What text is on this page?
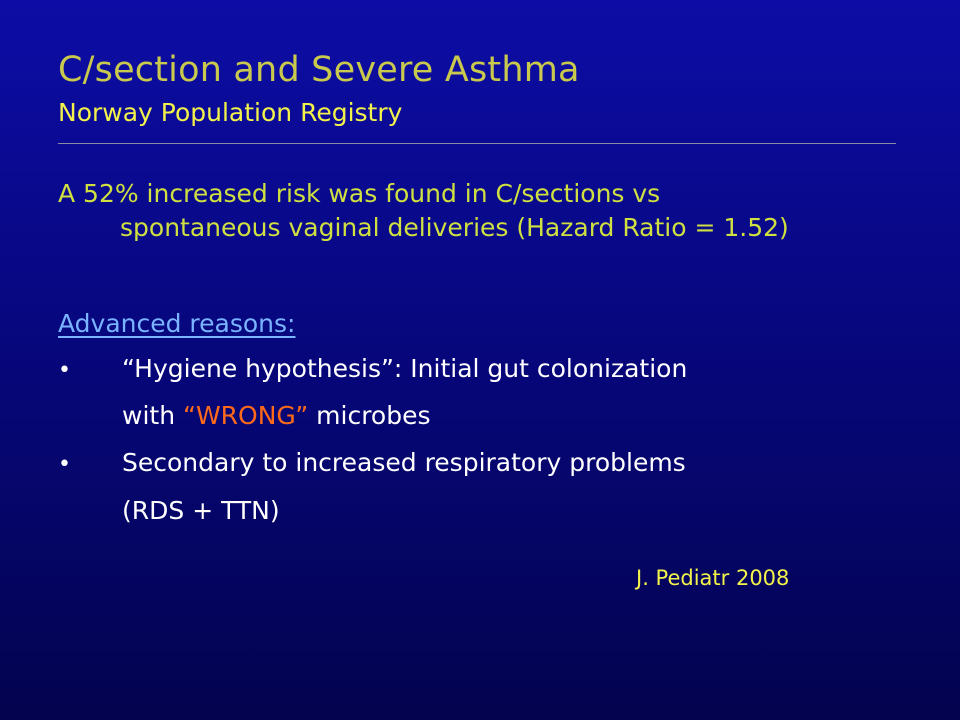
C/section and Severe Asthma
Norway Population Registry
A 52% increased risk was found in C/sections vs
spontaneous vaginal deliveries (Hazard Ratio = 1.52)
Advanced reasons:
• “Hygiene hypothesis”: Initial gut colonization
with “WRONG” microbes
• Secondary to increased respiratory problems
(RDS + TTN)
J. Pediatr 2008
